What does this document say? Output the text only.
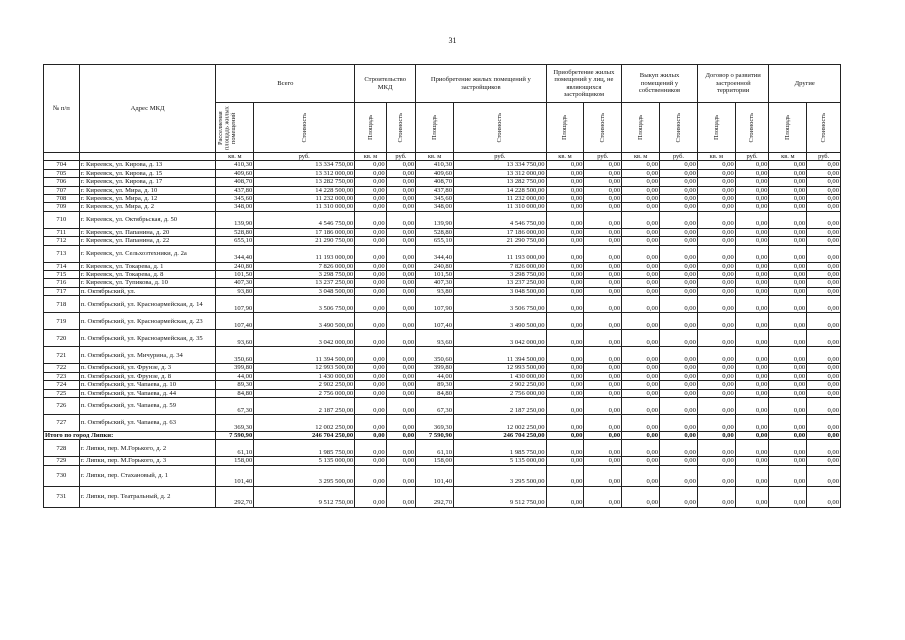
31
№ п/п	Адрес МКД	Всего		Строительство МКД		Приобретение жилых помещений у застройщиков		Приобретение жилых помещений у лиц, не являющихся застройщиком		Выкуп жилых помещений у собственников		Договор о развитии застроенной территории		Другие	

		Расселяемая площадь жилых помещений	Стоимость	Площадь	Стоимость	Площадь	Стоимость	Площадь	Стоимость	Площадь	Стоимость	Площадь	Стоимость	Площадь	Стоимость

		кв. м	руб.	кв. м	руб.	кв. м	руб.	кв. м	руб.	кв. м	руб.	кв. м	руб.	кв. м	руб.
704	г. Киреевск, ул. Кирова, д. 13	410,30	13 334 750,00	0,00	0,00	410,30	13 334 750,00	0,00	0,00	0,00	0,00	0,00	0,00	0,00	0,00
705	г. Киреевск, ул. Кирова, д. 15	409,60	13 312 000,00	0,00	0,00	409,60	13 312 000,00	0,00	0,00	0,00	0,00	0,00	0,00	0,00	0,00
706	г. Киреевск, ул. Кирова, д. 17	408,70	13 282 750,00	0,00	0,00	408,70	13 282 750,00	0,00	0,00	0,00	0,00	0,00	0,00	0,00	0,00
707	г. Киреевск, ул. Мира, д. 10	437,80	14 228 500,00	0,00	0,00	437,80	14 228 500,00	0,00	0,00	0,00	0,00	0,00	0,00	0,00	0,00
708	г. Киреевск, ул. Мира, д. 12	345,60	11 232 000,00	0,00	0,00	345,60	11 232 000,00	0,00	0,00	0,00	0,00	0,00	0,00	0,00	0,00
709	г. Киреевск, ул. Мира, д. 2	348,00	11 310 000,00	0,00	0,00	348,00	11 310 000,00	0,00	0,00	0,00	0,00	0,00	0,00	0,00	0,00
710	г. Киреевск, ул. Октябрьская, д. 50	139,90	4 546 750,00	0,00	0,00	139,90	4 546 750,00	0,00	0,00	0,00	0,00	0,00	0,00	0,00	0,00
711	г. Киреевск, ул. Папанина, д. 20	528,80	17 186 000,00	0,00	0,00	528,80	17 186 000,00	0,00	0,00	0,00	0,00	0,00	0,00	0,00	0,00
712	г. Киреевск, ул. Папанина, д. 22	655,10	21 290 750,00	0,00	0,00	655,10	21 290 750,00	0,00	0,00	0,00	0,00	0,00	0,00	0,00	0,00
713	г. Киреевск, ул. Сельхозтехники, д. 2а	344,40	11 193 000,00	0,00	0,00	344,40	11 193 000,00	0,00	0,00	0,00	0,00	0,00	0,00	0,00	0,00
714	г. Киреевск, ул. Токарева, д. 1	240,80	7 826 000,00	0,00	0,00	240,80	7 826 000,00	0,00	0,00	0,00	0,00	0,00	0,00	0,00	0,00
715	г. Киреевск, ул. Токарева, д. 8	101,50	3 298 750,00	0,00	0,00	101,50	3 298 750,00	0,00	0,00	0,00	0,00	0,00	0,00	0,00	0,00
716	г. Киреевск, ул. Тупикова, д. 10	407,30	13 237 250,00	0,00	0,00	407,30	13 237 250,00	0,00	0,00	0,00	0,00	0,00	0,00	0,00	0,00
717	п. Октябрьский, ул.	93,80	3 048 500,00	0,00	0,00	93,80	3 048 500,00	0,00	0,00	0,00	0,00	0,00	0,00	0,00	0,00
718	п. Октябрьский, ул. Красноармейская, д. 14	107,90	3 506 750,00	0,00	0,00	107,90	3 506 750,00	0,00	0,00	0,00	0,00	0,00	0,00	0,00	0,00
719	п. Октябрьский, ул. Красноармейская, д. 23	107,40	3 490 500,00	0,00	0,00	107,40	3 490 500,00	0,00	0,00	0,00	0,00	0,00	0,00	0,00	0,00
720	п. Октябрьский, ул. Красноармейская, д. 35	93,60	3 042 000,00	0,00	0,00	93,60	3 042 000,00	0,00	0,00	0,00	0,00	0,00	0,00	0,00	0,00
721	п. Октябрьский, ул. Мичурина, д. 34	350,60	11 394 500,00	0,00	0,00	350,60	11 394 500,00	0,00	0,00	0,00	0,00	0,00	0,00	0,00	0,00
722	п. Октябрьский, ул. Фрунзе, д. 3	399,80	12 993 500,00	0,00	0,00	399,80	12 993 500,00	0,00	0,00	0,00	0,00	0,00	0,00	0,00	0,00
723	п. Октябрьский, ул. Фрунзе, д. 8	44,00	1 430 000,00	0,00	0,00	44,00	1 430 000,00	0,00	0,00	0,00	0,00	0,00	0,00	0,00	0,00
724	п. Октябрьский, ул. Чапаева, д. 10	89,30	2 902 250,00	0,00	0,00	89,30	2 902 250,00	0,00	0,00	0,00	0,00	0,00	0,00	0,00	0,00
725	п. Октябрьский, ул. Чапаева, д. 44	84,80	2 756 000,00	0,00	0,00	84,80	2 756 000,00	0,00	0,00	0,00	0,00	0,00	0,00	0,00	0,00
726	п. Октябрьский, ул. Чапаева, д. 59	67,30	2 187 250,00	0,00	0,00	67,30	2 187 250,00	0,00	0,00	0,00	0,00	0,00	0,00	0,00	0,00
727	п. Октябрьский, ул. Чапаева, д. 63	369,30	12 002 250,00	0,00	0,00	369,30	12 002 250,00	0,00	0,00	0,00	0,00	0,00	0,00	0,00	0,00
Итого по город Липки:		7 590,90	246 704 250,00	0,00	0,00	7 590,90	246 704 250,00	0,00	0,00	0,00	0,00	0,00	0,00	0,00	0,00
728	г. Липки, пер. М.Горького, д. 2	61,10	1 985 750,00	0,00	0,00	61,10	1 985 750,00	0,00	0,00	0,00	0,00	0,00	0,00	0,00	0,00
729	г. Липки, пер. М.Горького, д. 3	158,00	5 135 000,00	0,00	0,00	158,00	5 135 000,00	0,00	0,00	0,00	0,00	0,00	0,00	0,00	0,00
730	г. Липки, пер. Стахановый, д. 1	101,40	3 295 500,00	0,00	0,00	101,40	3 295 500,00	0,00	0,00	0,00	0,00	0,00	0,00	0,00	0,00
731	г. Липки, пер. Театральный, д. 2	292,70	9 512 750,00	0,00	0,00	292,70	9 512 750,00	0,00	0,00	0,00	0,00	0,00	0,00	0,00	0,00
